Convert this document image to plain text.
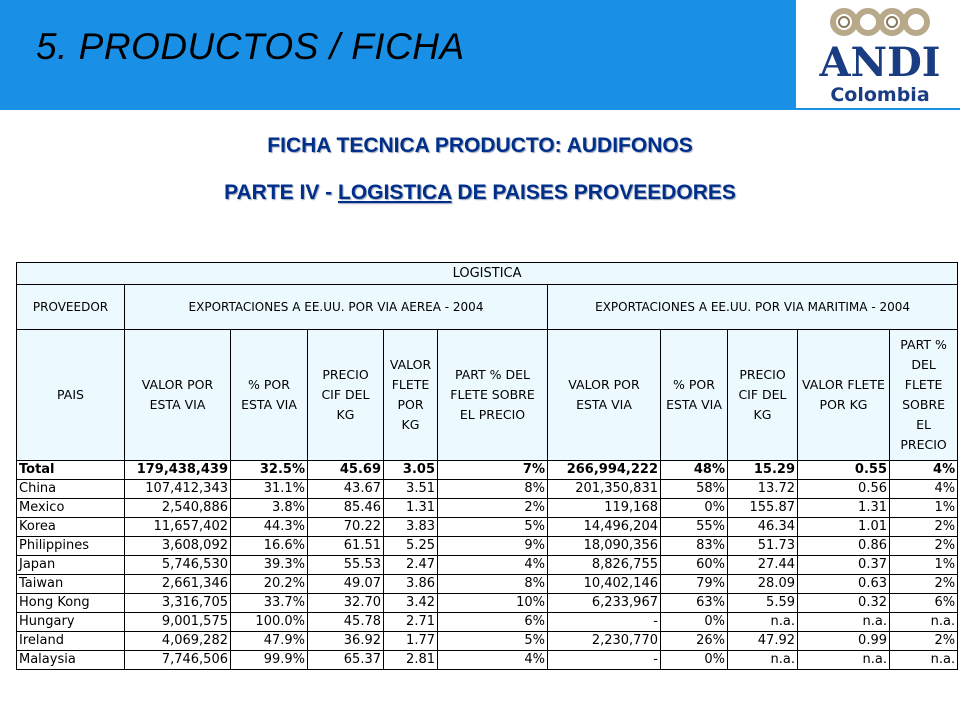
5. PRODUCTOS / FICHA	ANDI
Colombia
FICHA TECNICA PRODUCTO: AUDIFONOS
PARTE IV - LOGISTICA DE PAISES PROVEEDORES
LOGISTICA										
PROVEEDOR	EXPORTACIONES A EE.UU. POR VIA AEREA - 2004					EXPORTACIONES A EE.UU. POR VIA MARITIMA - 2004				
PAIS	VALOR POR ESTA VIA	% POR ESTA VIA	PRECIO CIF DEL KG	VALOR FLETE POR KG	PART % DEL FLETE SOBRE EL PRECIO	VALOR POR ESTA VIA	% POR ESTA VIA	PRECIO CIF DEL KG	VALOR FLETE POR KG	PART % DEL FLETE SOBRE EL PRECIO
Total	179,438,439	32.5%	45.69	3.05	7%	266,994,222	48%	15.29	0.55	4%
China	107,412,343	31.1%	43.67	3.51	8%	201,350,831	58%	13.72	0.56	4%
Mexico	2,540,886	3.8%	85.46	1.31	2%	119,168	0%	155.87	1.31	1%
Korea	11,657,402	44.3%	70.22	3.83	5%	14,496,204	55%	46.34	1.01	2%
Philippines	3,608,092	16.6%	61.51	5.25	9%	18,090,356	83%	51.73	0.86	2%
Japan	5,746,530	39.3%	55.53	2.47	4%	8,826,755	60%	27.44	0.37	1%
Taiwan	2,661,346	20.2%	49.07	3.86	8%	10,402,146	79%	28.09	0.63	2%
Hong Kong	3,316,705	33.7%	32.70	3.42	10%	6,233,967	63%	5.59	0.32	6%
Hungary	9,001,575	100.0%	45.78	2.71	6%	-	0%	n.a.	n.a.	n.a.
Ireland	4,069,282	47.9%	36.92	1.77	5%	2,230,770	26%	47.92	0.99	2%
Malaysia	7,746,506	99.9%	65.37	2.81	4%	-	0%	n.a.	n.a.	n.a.
